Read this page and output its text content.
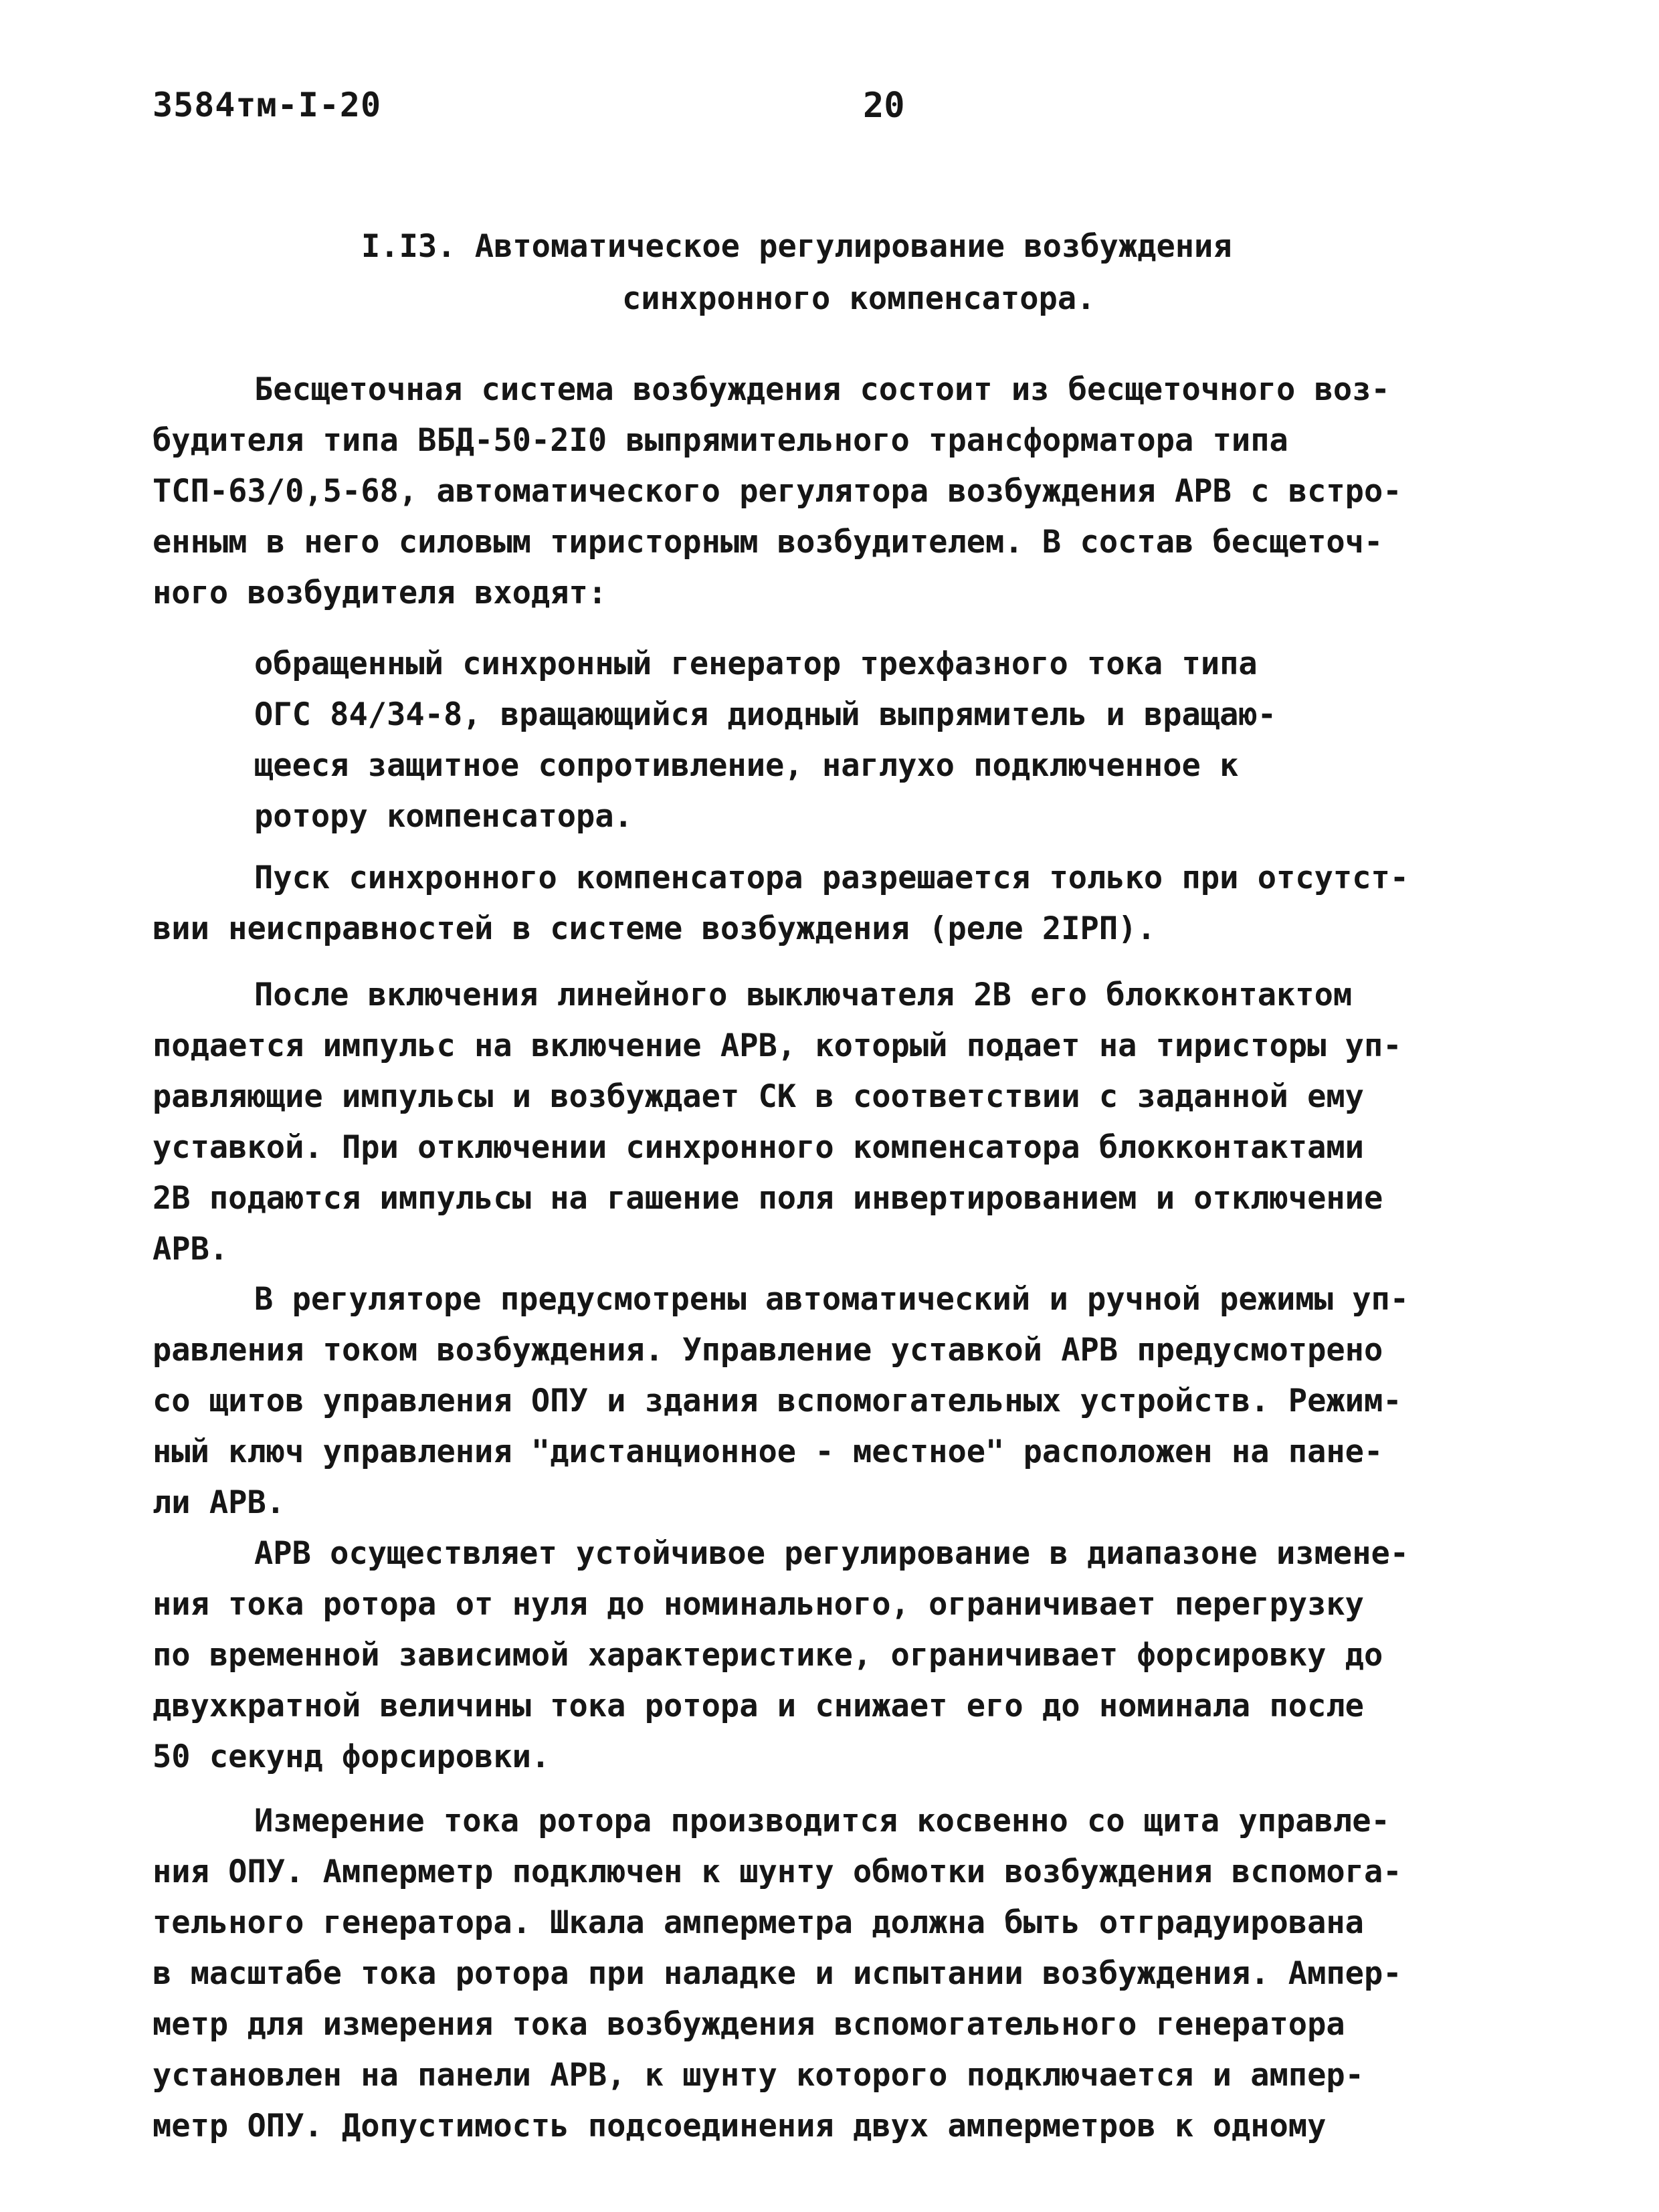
3584тм-I-20	20
I.I3. Автоматическое регулирование возбуждения
синхронного компенсатора.
Бесщеточная система возбуждения состоит из бесщеточного воз-
будителя типа ВБД-50-2I0 выпрямительного трансформатора типа
ТСП-63/0,5-68, автоматического регулятора возбуждения АРВ с встро-
енным в него силовым тиристорным возбудителем. В состав бесщеточ-
ного возбудителя входят:
обращенный синхронный генератор трехфазного тока типа
ОГС 84/34-8, вращающийся диодный выпрямитель и вращаю-
щееся защитное сопротивление, наглухо подключенное к
ротору компенсатора.
Пуск синхронного компенсатора разрешается только при отсутст-
вии неисправностей в системе возбуждения (реле 2IРП).
После включения линейного выключателя 2В его блокконтактом
подается импульс на включение АРВ, который подает на тиристоры уп-
равляющие импульсы и возбуждает СК в соответствии с заданной ему
уставкой. При отключении синхронного компенсатора блокконтактами
2В подаются импульсы на гашение поля инвертированием и отключение
АРВ.
В регуляторе предусмотрены автоматический и ручной режимы уп-
равления током возбуждения. Управление уставкой АРВ предусмотрено
со щитов управления ОПУ и здания вспомогательных устройств. Режим-
ный ключ управления "дистанционное - местное" расположен на пане-
ли АРВ.
АРВ осуществляет устойчивое регулирование в диапазоне измене-
ния тока ротора от нуля до номинального, ограничивает перегрузку
по временной зависимой характеристике, ограничивает форсировку до
двухкратной величины тока ротора и снижает его до номинала после
50 секунд форсировки.
Измерение тока ротора производится косвенно со щита управле-
ния ОПУ. Амперметр подключен к шунту обмотки возбуждения вспомога-
тельного генератора. Шкала амперметра должна быть отградуирована
в масштабе тока ротора при наладке и испытании возбуждения. Ампер-
метр для измерения тока возбуждения вспомогательного генератора
установлен на панели АРВ, к шунту которого подключается и ампер-
метр ОПУ. Допустимость подсоединения двух амперметров к одному
